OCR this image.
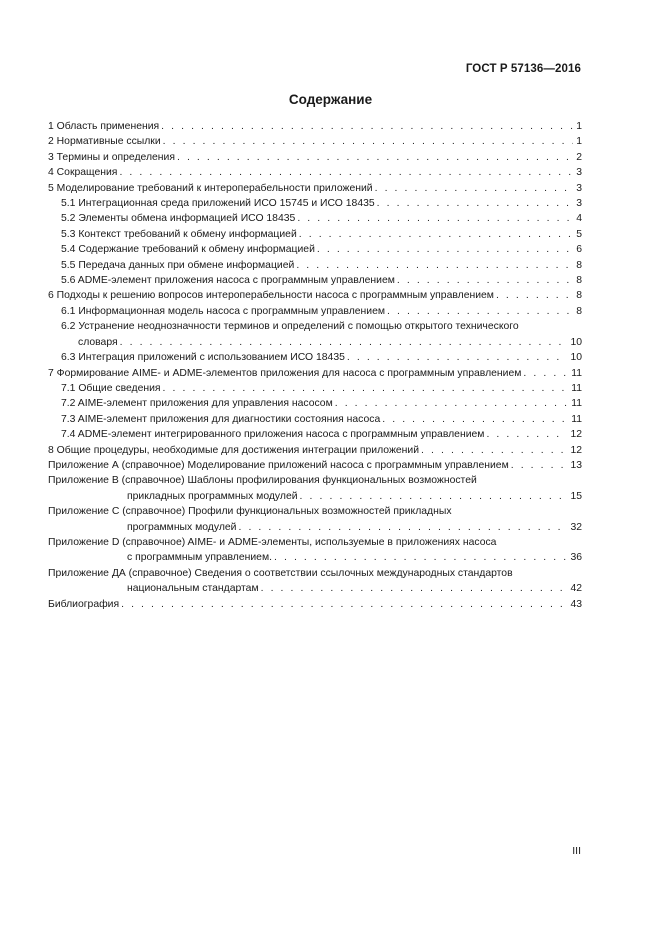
ГОСТ Р 57136—2016
Содержание
1 Область применения . . .	1
2 Нормативные ссылки . . .	1
3 Термины и определения . . .	2
4 Сокращения . . .	3
5 Моделирование требований к интероперабельности приложений . . .	3
5.1 Интеграционная среда приложений ИСО 15745 и ИСО 18435 . . .	3
5.2 Элементы обмена информацией ИСО 18435 . . .	4
5.3 Контекст требований к обмену информацией . . .	5
5.4 Содержание требований к обмену информацией . . .	6
5.5 Передача данных при обмене информацией . . .	8
5.6 ADME-элемент приложения насоса с программным управлением . . .	8
6 Подходы к решению вопросов интероперабельности насоса с программным управлением . . .	8
6.1 Информационная модель насоса с программным управлением . . .	8
6.2 Устранение неоднозначности терминов и определений с помощью открытого технического
словаря . . .	10
6.3 Интеграция приложений с использованием ИСО 18435 . . .	10
7 Формирование AIME- и ADME-элементов приложения для насоса с программным управлением . . .	11
7.1 Общие сведения . . .	11
7.2 AIME-элемент приложения для управления насосом . . .	11
7.3 AIME-элемент приложения для диагностики состояния насоса . . .	11
7.4 ADME-элемент интегрированного приложения насоса с программным управлением . . .	12
8 Общие процедуры, необходимые для достижения интеграции приложений . . .	12
Приложение А (справочное) Моделирование приложений насоса с программным управлением . . .	13
Приложение В (справочное) Шаблоны профилирования функциональных возможностей
прикладных программных модулей . . .	15
Приложение С (справочное) Профили функциональных возможностей прикладных
программных модулей . . .	32
Приложение D (справочное) AIME- и ADME-элементы, используемые в приложениях насоса
с программным управлением. . . .	36
Приложение ДА (справочное) Сведения о соответствии ссылочных международных стандартов
национальным стандартам . . .	42
Библиография . . .	43
III
